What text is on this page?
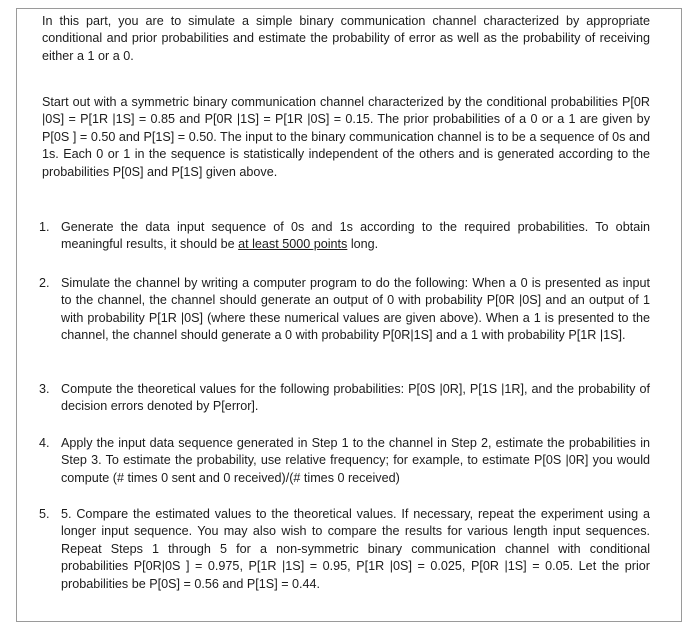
In this part, you are to simulate a simple binary communication channel characterized by appropriate conditional and prior probabilities and estimate the probability of error as well as the probability of receiving either a 1 or a 0.
Start out with a symmetric binary communication channel characterized by the conditional probabilities P[0R |0S] = P[1R |1S] = 0.85 and P[0R |1S] = P[1R |0S] = 0.15. The prior probabilities of a 0 or a 1 are given by P[0S ] = 0.50 and P[1S] = 0.50. The input to the binary communication channel is to be a sequence of 0s and 1s. Each 0 or 1 in the sequence is statistically independent of the others and is generated according to the probabilities P[0S] and P[1S] given above.
1. Generate the data input sequence of 0s and 1s according to the required probabilities. To obtain meaningful results, it should be at least 5000 points long.
2. Simulate the channel by writing a computer program to do the following: When a 0 is presented as input to the channel, the channel should generate an output of 0 with probability P[0R |0S] and an output of 1 with probability P[1R |0S] (where these numerical values are given above). When a 1 is presented to the channel, the channel should generate a 0 with probability P[0R|1S] and a 1 with probability P[1R |1S].
3. Compute the theoretical values for the following probabilities: P[0S |0R], P[1S |1R], and the probability of decision errors denoted by P[error].
4. Apply the input data sequence generated in Step 1 to the channel in Step 2, estimate the probabilities in Step 3. To estimate the probability, use relative frequency; for example, to estimate P[0S |0R] you would compute (# times 0 sent and 0 received)/(# times 0 received)
5. 5. Compare the estimated values to the theoretical values. If necessary, repeat the experiment using a longer input sequence. You may also wish to compare the results for various length input sequences. Repeat Steps 1 through 5 for a non-symmetric binary communication channel with conditional probabilities P[0R|0S ] = 0.975, P[1R |1S] = 0.95, P[1R |0S] = 0.025, P[0R |1S] = 0.05. Let the prior probabilities be P[0S] = 0.56 and P[1S] = 0.44.
